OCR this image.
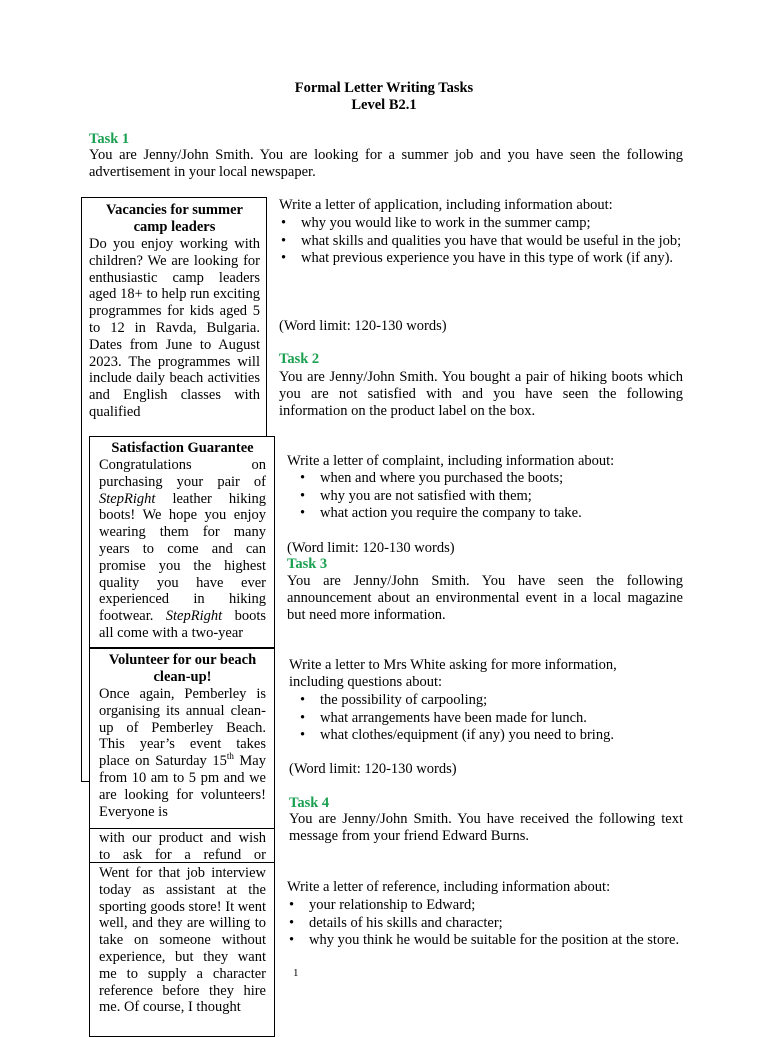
Formal Letter Writing Tasks
Level B2.1
Task 1
You are Jenny/John Smith. You are looking for a summer job and you have seen the following advertisement in your local newspaper.
Vacancies for summer camp leaders
Do you enjoy working with children? We are looking for enthusiastic camp leaders aged 18+ to help run exciting programmes for kids aged 5 to 12 in Ravda, Bulgaria. Dates from June to August 2023. The programmes will include daily beach activities and English classes with qualified
Write a letter of application, including information about:
• why you would like to work in the summer camp;
• what skills and qualities you have that would be useful in the job;
• what previous experience you have in this type of work (if any).
(Word limit: 120-130 words)
Task 2
You are Jenny/John Smith. You bought a pair of hiking boots which you are not satisfied with and you have seen the following information on the product label on the box.
Satisfaction Guarantee
Congratulations on purchasing your pair of StepRight leather hiking boots! We hope you enjoy wearing them for many years to come and can promise you the highest quality you have ever experienced in hiking footwear. StepRight boots all come with a two-year
Write a letter of complaint, including information about:
• when and where you purchased the boots;
• why you are not satisfied with them;
• what action you require the company to take.
(Word limit: 120-130 words)
Task 3
You are Jenny/John Smith. You have seen the following announcement about an environmental event in a local magazine but need more information.
Volunteer for our beach clean-up!
Once again, Pemberley is organising its annual clean-up of Pemberley Beach. This year’s event takes place on Saturday 15th May from 10 am to 5 pm and we are looking for volunteers! Everyone is
Write a letter to Mrs White asking for more information, including questions about:
• the possibility of carpooling;
• what arrangements have been made for lunch.
• what clothes/equipment (if any) you need to bring.
(Word limit: 120-130 words)
with our product and wish
to ask for a refund or
Task 4
You are Jenny/John Smith. You have received the following text message from your friend Edward Burns.
Went for that job interview today as assistant at the sporting goods store! It went well, and they are willing to take on someone without experience, but they want me to supply a character reference before they hire me. Of course, I thought
Write a letter of reference, including information about:
• your relationship to Edward;
• details of his skills and character;
• why you think he would be suitable for the position at the store.
1
